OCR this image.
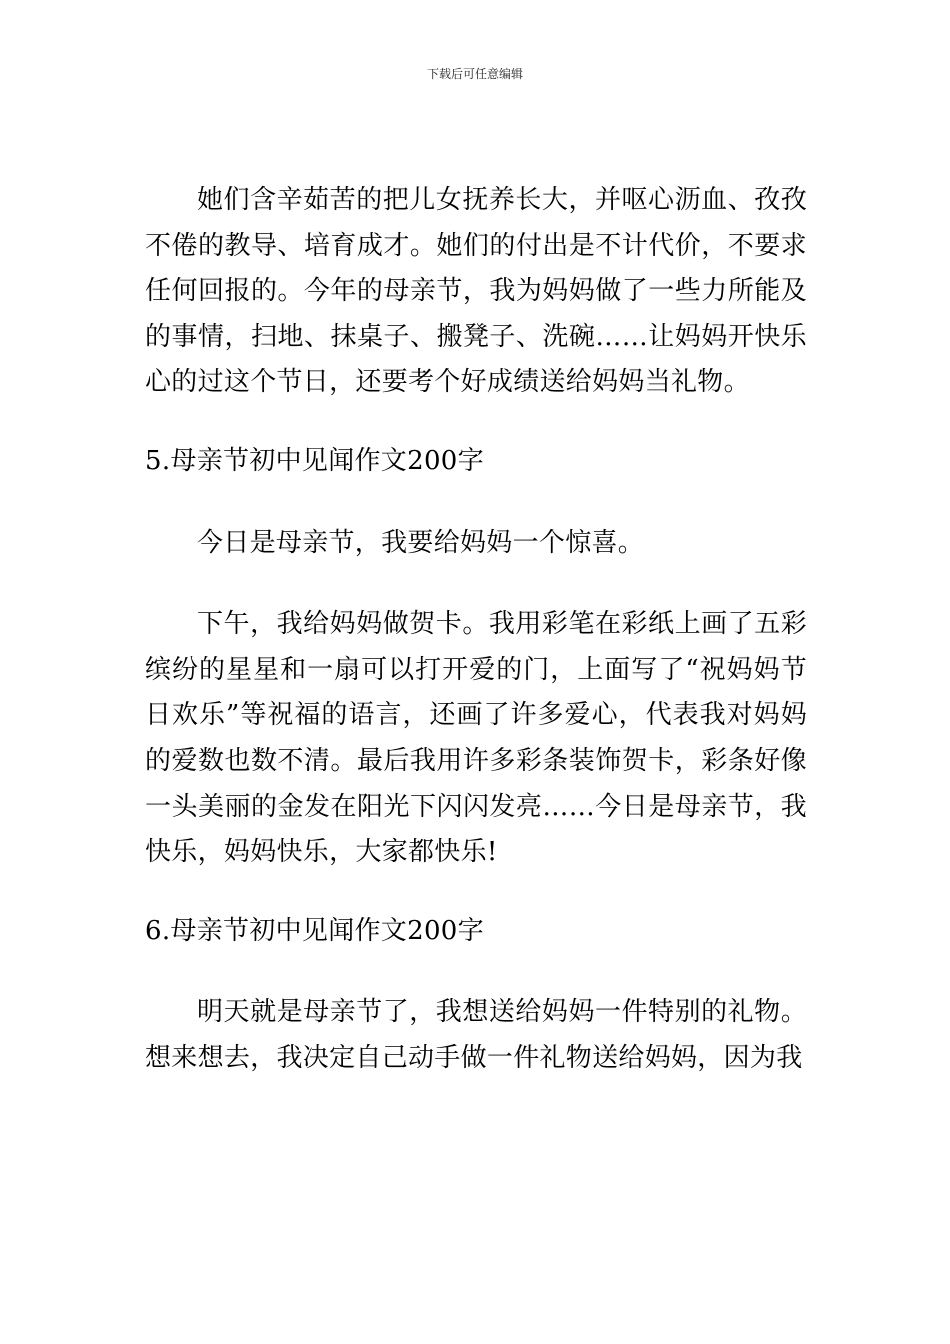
下载后可任意编辑

她们含辛茹苦的把儿女抚养长大，并呕心沥血、孜孜不倦的教导、培育成才。她们的付出是不计代价，不要求任何回报的。今年的母亲节，我为妈妈做了一些力所能及的事情，扫地、抹桌子、搬凳子、洗碗……让妈妈开快乐心的过这个节日，还要考个好成绩送给妈妈当礼物。

5.母亲节初中见闻作文200字

今日是母亲节，我要给妈妈一个惊喜。

下午，我给妈妈做贺卡。我用彩笔在彩纸上画了五彩缤纷的星星和一扇可以打开爱的门，上面写了“祝妈妈节日欢乐”等祝福的语言，还画了许多爱心，代表我对妈妈的爱数也数不清。最后我用许多彩条装饰贺卡，彩条好像一头美丽的金发在阳光下闪闪发亮……今日是母亲节，我快乐，妈妈快乐，大家都快乐!

6.母亲节初中见闻作文200字

明天就是母亲节了，我想送给妈妈一件特别的礼物。想来想去，我决定自己动手做一件礼物送给妈妈，因为我
